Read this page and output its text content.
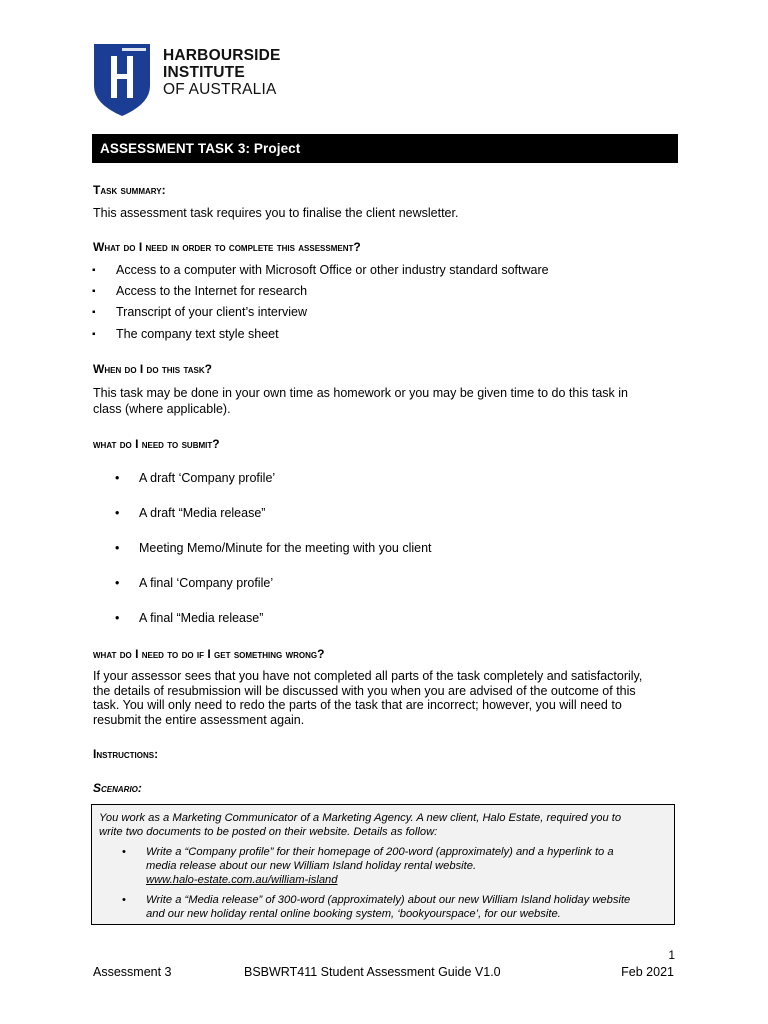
HARBOURSIDE
INSTITUTE
OF AUSTRALIA
ASSESSMENT TASK 3: Project
Task summary:
This assessment task requires you to finalise the client newsletter.
What do I need in order to complete this assessment?
▪ Access to a computer with Microsoft Office or other industry standard software
▪ Access to the Internet for research
▪ Transcript of your client’s interview
▪ The company text style sheet
When do I do this task?
This task may be done in your own time as homework or you may be given time to do this task in
class (where applicable).
what do I need to submit?
• A draft ‘Company profile’
• A draft “Media release”
• Meeting Memo/Minute for the meeting with you client
• A final ‘Company profile’
• A final “Media release”
what do I need to do if I get something wrong?
If your assessor sees that you have not completed all parts of the task completely and satisfactorily,
the details of resubmission will be discussed with you when you are advised of the outcome of this
task. You will only need to redo the parts of the task that are incorrect; however, you will need to
resubmit the entire assessment again.
Instructions:
Scenario:
You work as a Marketing Communicator of a Marketing Agency. A new client, Halo Estate, required you to
write two documents to be posted on their website. Details as follow:
• Write a “Company profile” for their homepage of 200-word (approximately) and a hyperlink to a
media release about our new William Island holiday rental website.
www.halo-estate.com.au/william-island
• Write a “Media release” of 300-word (approximately) about our new William Island holiday website
and our new holiday rental online booking system, ‘bookyourspace’, for our website.
1
Assessment 3	BSBWRT411 Student Assessment Guide V1.0	Feb 2021
